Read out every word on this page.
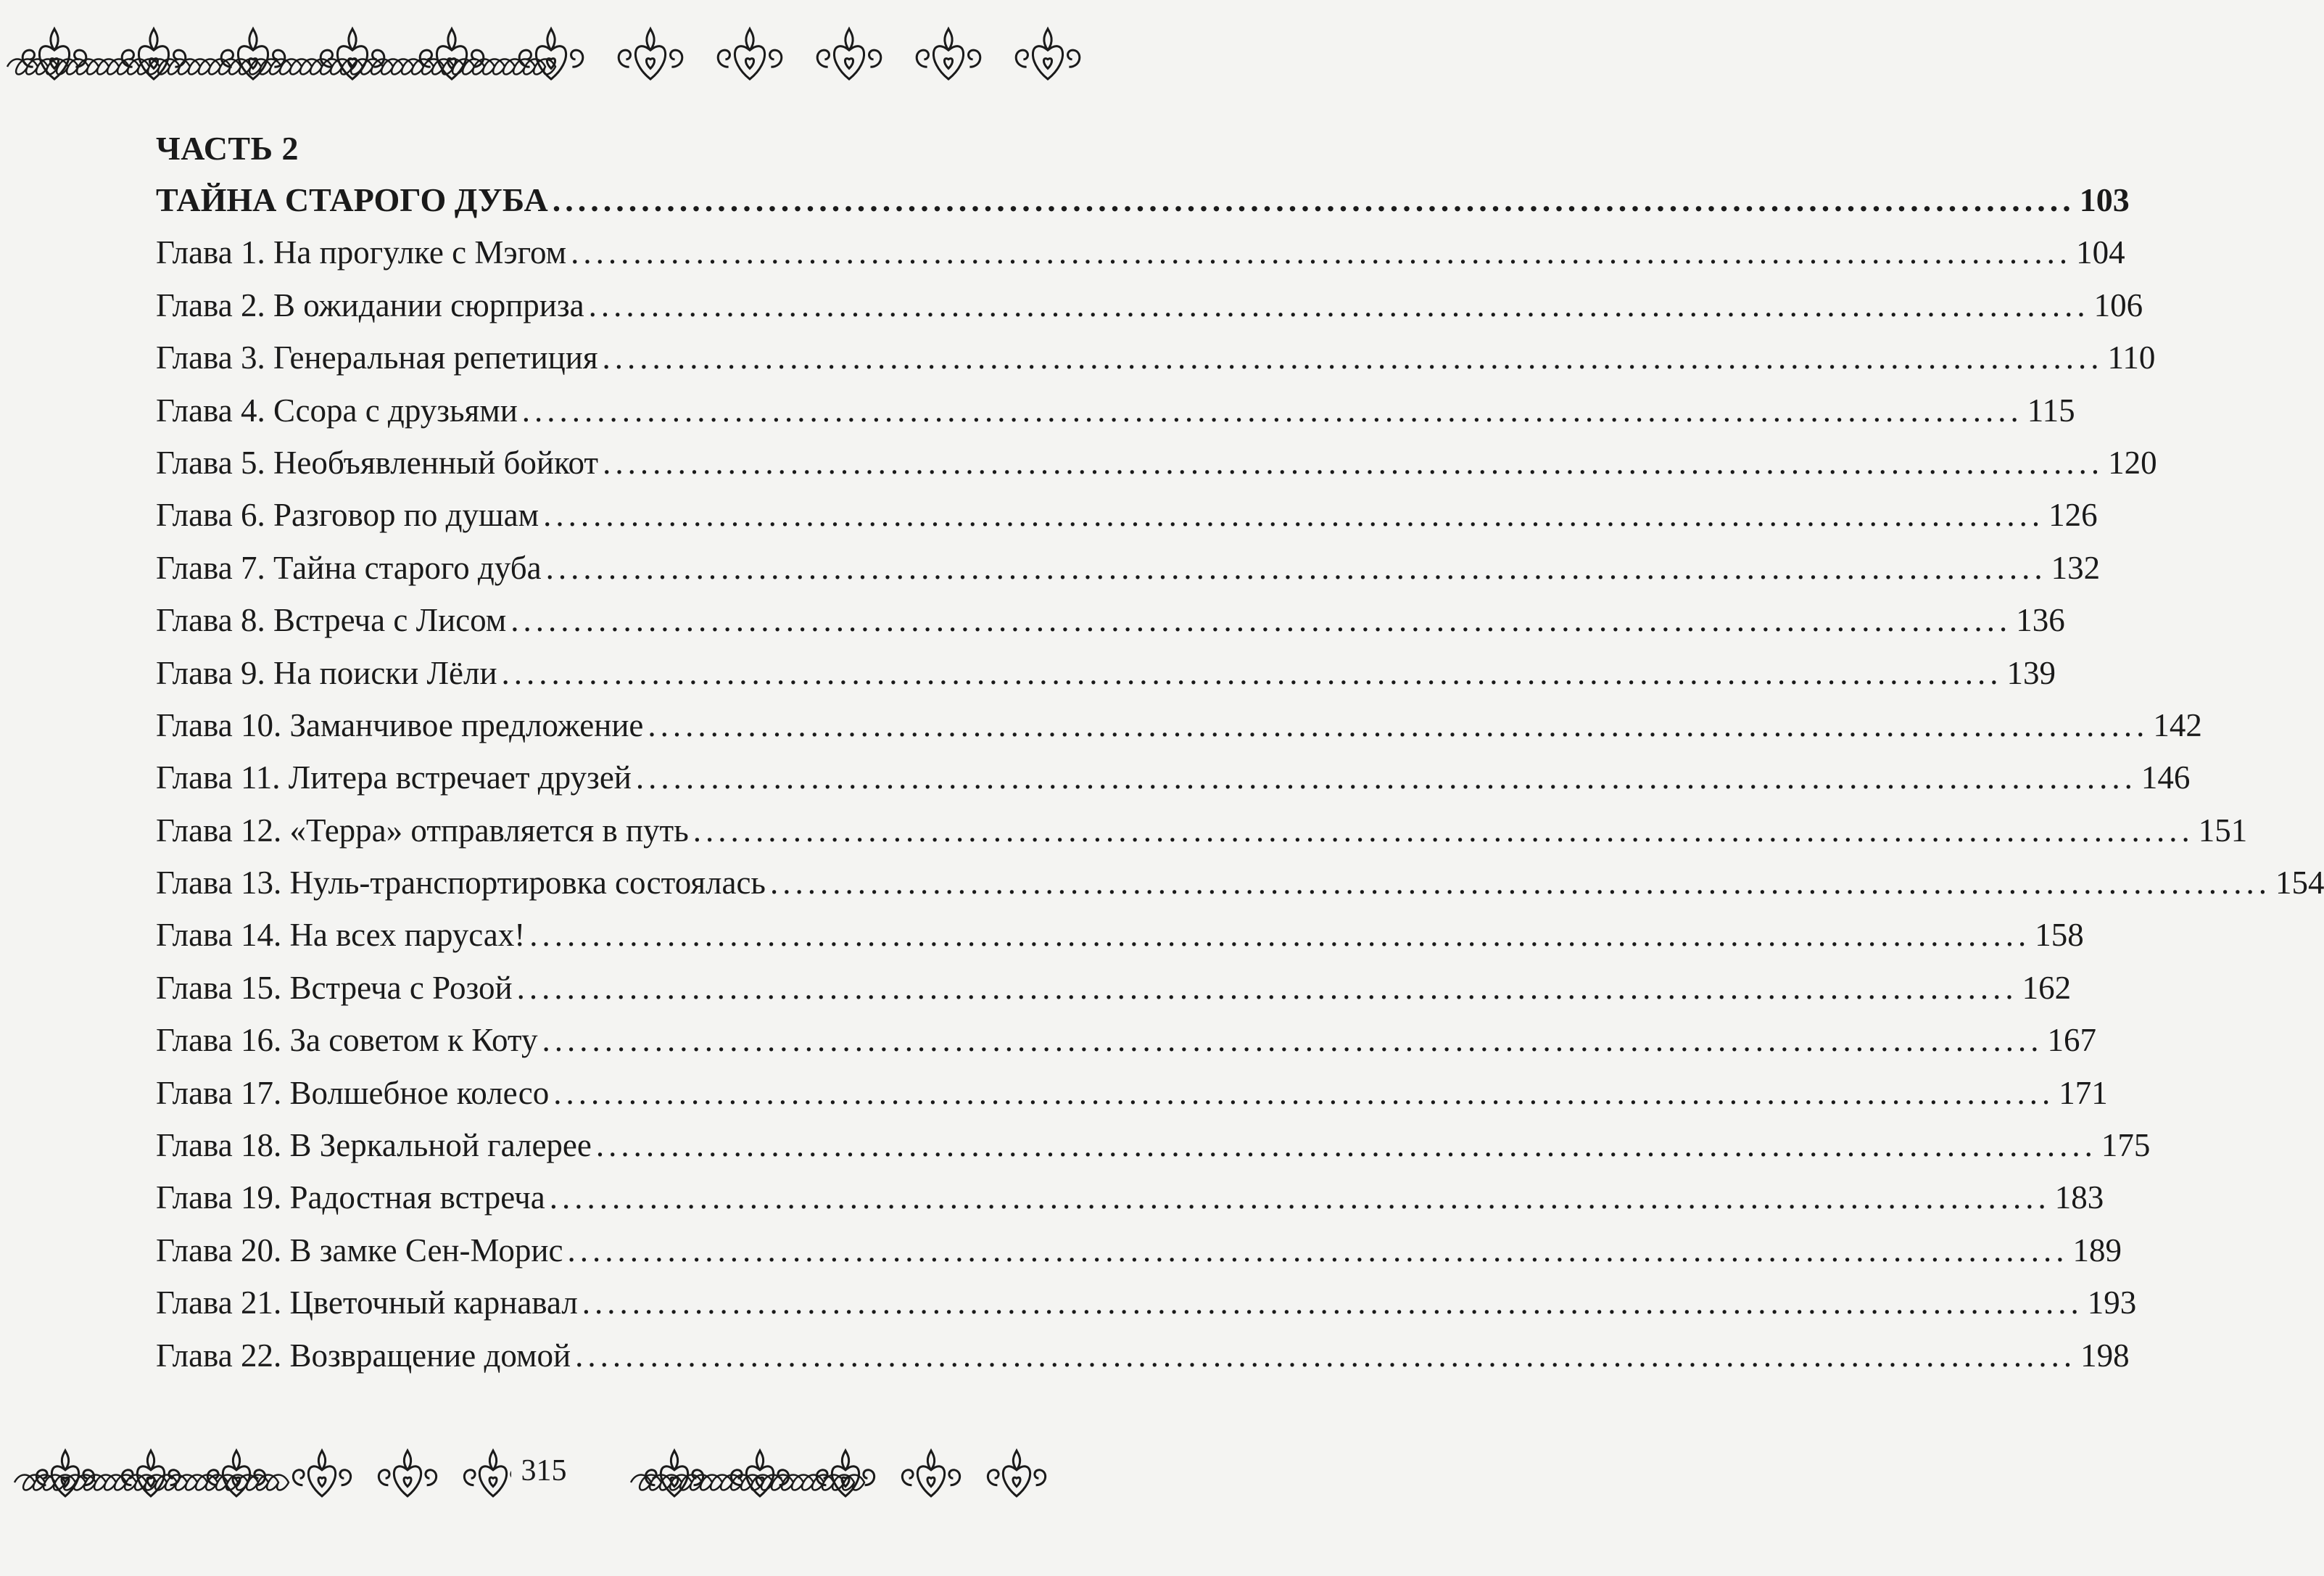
ЧАСТЬ 2
ТАЙНА СТАРОГО ДУБА ........................................................................................................................ 103
Глава 1. На прогулке с Мэгом ........................................................................................................................ 104
Глава 2. В ожидании сюрприза ........................................................................................................................ 106
Глава 3. Генеральная репетиция ........................................................................................................................ 110
Глава 4. Ссора с друзьями ........................................................................................................................ 115
Глава 5. Необъявленный бойкот ........................................................................................................................ 120
Глава 6. Разговор по душам ........................................................................................................................ 126
Глава 7. Тайна старого дуба ........................................................................................................................ 132
Глава 8. Встреча с Лисом ........................................................................................................................ 136
Глава 9. На поиски Лёли ........................................................................................................................ 139
Глава 10. Заманчивое предложение ........................................................................................................................ 142
Глава 11. Литера встречает друзей ........................................................................................................................ 146
Глава 12. «Терра» отправляется в путь ........................................................................................................................ 151
Глава 13. Нуль-транспортировка состоялась ........................................................................................................................ 154
Глава 14. На всех парусах! ........................................................................................................................ 158
Глава 15. Встреча с Розой ........................................................................................................................ 162
Глава 16. За советом к Коту ........................................................................................................................ 167
Глава 17. Волшебное колесо ........................................................................................................................ 171
Глава 18. В Зеркальной галерее ........................................................................................................................ 175
Глава 19. Радостная встреча ........................................................................................................................ 183
Глава 20. В замке Сен-Морис ........................................................................................................................ 189
Глава 21. Цветочный карнавал ........................................................................................................................ 193
Глава 22. Возвращение домой ........................................................................................................................ 198
315
